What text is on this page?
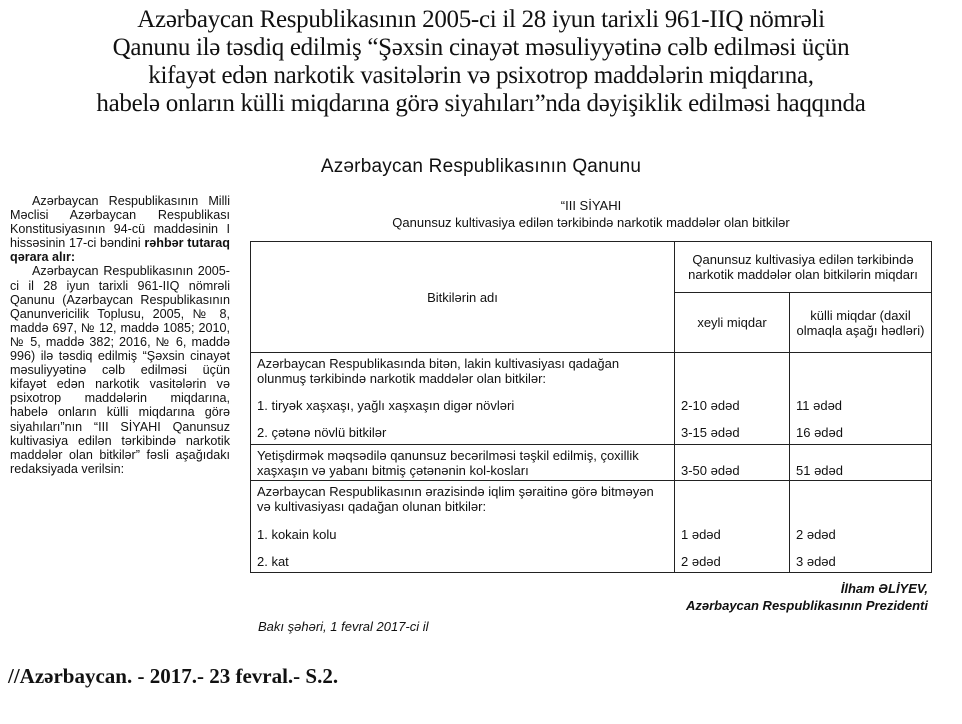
Azərbaycan Respublikasının 2005-ci il 28 iyun tarixli 961-IIQ nömrəli
Qanunu ilə təsdiq edilmiş “Şəxsin cinayət məsuliyyətinə cəlb edilməsi üçün
kifayət edən narkotik vasitələrin və psixotrop maddələrin miqdarına,
habelə onların külli miqdarına görə siyahıları”nda dəyişiklik edilməsi haqqında
Azərbaycan Respublikasının Qanunu

Azərbaycan Respublikasının Milli Məclisi Azərbaycan Respublikası Konstitusiyasının 94-cü maddəsinin I hissəsinin 17-ci bəndini rəhbər tutaraq qərara alır:

Azərbaycan Respublikasının 2005-ci il 28 iyun tarixli 961-IIQ nömrəli Qanunu (Azərbaycan Respublikasının Qanunvericilik Toplusu, 2005, № 8, maddə 697, № 12, maddə 1085; 2010, № 5, maddə 382; 2016, № 6, maddə 996) ilə təsdiq edilmiş “Şəxsin cinayət məsuliyyətinə cəlb edilməsi üçün kifayət edən narkotik vasitələrin və psixotrop maddələrin miqdarına, habelə onların külli miqdarına görə siyahıları”nın “III SİYAHI Qanunsuz kultivasiya edilən tərkibində narkotik maddələr olan bitkilər” fəsli aşağıdakı redaksiyada verilsin:

“III SİYAHI
Qanunsuz kultivasiya edilən tərkibində narkotik maddələr olan bitkilər
Bitkilərin adı	Qanunsuz kultivasiya edilən tərkibində narkotik maddələr olan bitkilərin miqdarı	
	xeyli miqdar	külli miqdar (daxil olmaqla aşağı hədləri)
Azərbaycan Respublikasında bitən, lakin kultivasiyası qadağan olunmuş tərkibində narkotik maddələr olan bitkilər:		
1. tiryək xaşxaşı, yağlı xaşxaşın digər növləri	2-10 ədəd	11 ədəd
2. çətənə növlü bitkilər	3-15 ədəd	16 ədəd
Yetişdirmək məqsədilə qanunsuz becərilməsi təşkil edilmiş, çoxillik xaşxaşın və yabanı bitmiş çətənənin kol-kosları	3-50 ədəd	51 ədəd
Azərbaycan Respublikasının ərazisində iqlim şəraitinə görə bitməyən və kultivasiyası qadağan olunan bitkilər:		
1. kokain kolu	1 ədəd	2 ədəd
2. kat	2 ədəd	3 ədəd
İlham ƏLİYEV,
Azərbaycan Respublikasının Prezidenti
Bakı şəhəri, 1 fevral 2017-ci il
//Azərbaycan. - 2017.- 23 fevral.- S.2.
